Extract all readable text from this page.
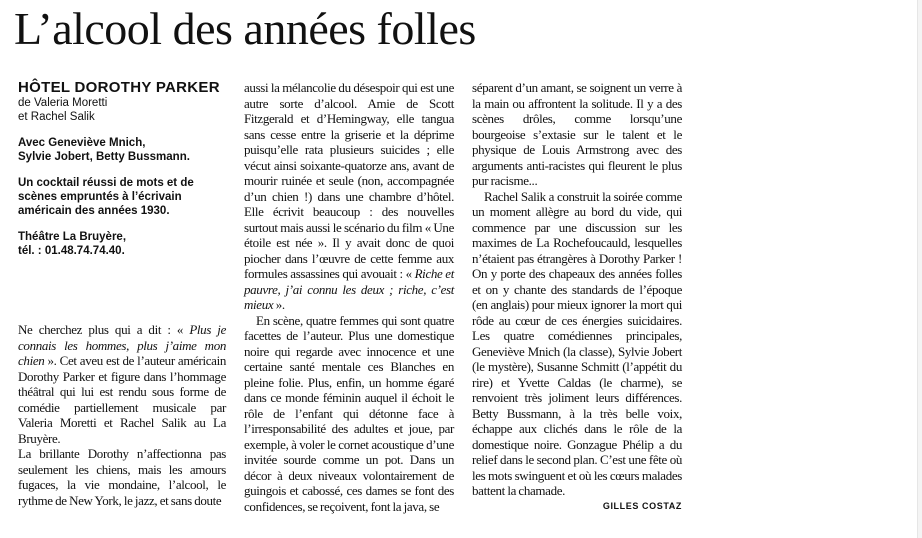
L’alcool des années folles

HÔTEL DOROTHY PARKER

de Valeria Moretti
et Rachel Salik

Avec Geneviève Mnich,
Sylvie Jobert, Betty Bussmann.

Un cocktail réussi de mots et de scènes empruntés à l’écrivain américain des années 1930.

Théâtre La Bruyère,
tél. : 01.48.74.74.40.

Ne cherchez plus qui a dit : « Plus je connais les hommes, plus j’aime mon chien ». Cet aveu est de l’auteur américain Dorothy Parker et figure dans l’hommage théâtral qui lui est rendu sous forme de comédie partiellement musicale par Valeria Moretti et Rachel Salik au La Bruyère.

La brillante Dorothy n’affectionna pas seulement les chiens, mais les amours fugaces, la vie mondaine, l’alcool, le rythme de New York, le jazz, et sans doute

aussi la mélancolie du désespoir qui est une autre sorte d’alcool. Amie de Scott Fitzgerald et d’Hemingway, elle tangua sans cesse entre la griserie et la déprime puisqu’elle rata plusieurs suicides ; elle vécut ainsi soixante-quatorze ans, avant de mourir ruinée et seule (non, accompagnée d’un chien !) dans une chambre d’hôtel. Elle écrivit beaucoup : des nouvelles surtout mais aussi le scénario du film « Une étoile est née ». Il y avait donc de quoi piocher dans l’œuvre de cette femme aux formules assassines qui avouait : « Riche et pauvre, j’ai connu les deux ; riche, c’est mieux ».

En scène, quatre femmes qui sont quatre facettes de l’auteur. Plus une domestique noire qui regarde avec innocence et une certaine santé mentale ces Blanches en pleine folie. Plus, enfin, un homme égaré dans ce monde féminin auquel il échoit le rôle de l’enfant qui détonne face à l’irresponsabilité des adultes et joue, par exemple, à voler le cornet acoustique d’une invitée sourde comme un pot. Dans un décor à deux niveaux volontairement de guingois et cabossé, ces dames se font des confidences, se reçoivent, font la java, se

séparent d’un amant, se soignent un verre à la main ou affrontent la solitude. Il y a des scènes drôles, comme lorsqu’une bourgeoise s’extasie sur le talent et le physique de Louis Armstrong avec des arguments anti-racistes qui fleurent le plus pur racisme...

Rachel Salik a construit la soirée comme un moment allègre au bord du vide, qui commence par une discussion sur les maximes de La Rochefoucauld, lesquelles n’étaient pas étrangères à Dorothy Parker ! On y porte des chapeaux des années folles et on y chante des standards de l’époque (en anglais) pour mieux ignorer la mort qui rôde au cœur de ces énergies suicidaires. Les quatre comédiennes principales, Geneviève Mnich (la classe), Sylvie Jobert (le mystère), Susanne Schmitt (l’appétit du rire) et Yvette Caldas (le charme), se renvoient très joliment leurs différences. Betty Bussmann, à la très belle voix, échappe aux clichés dans le rôle de la domestique noire. Gonzague Phélip a du relief dans le second plan. C’est une fête où les mots swinguent et où les cœurs malades battent la chamade.

GILLES COSTAZ
